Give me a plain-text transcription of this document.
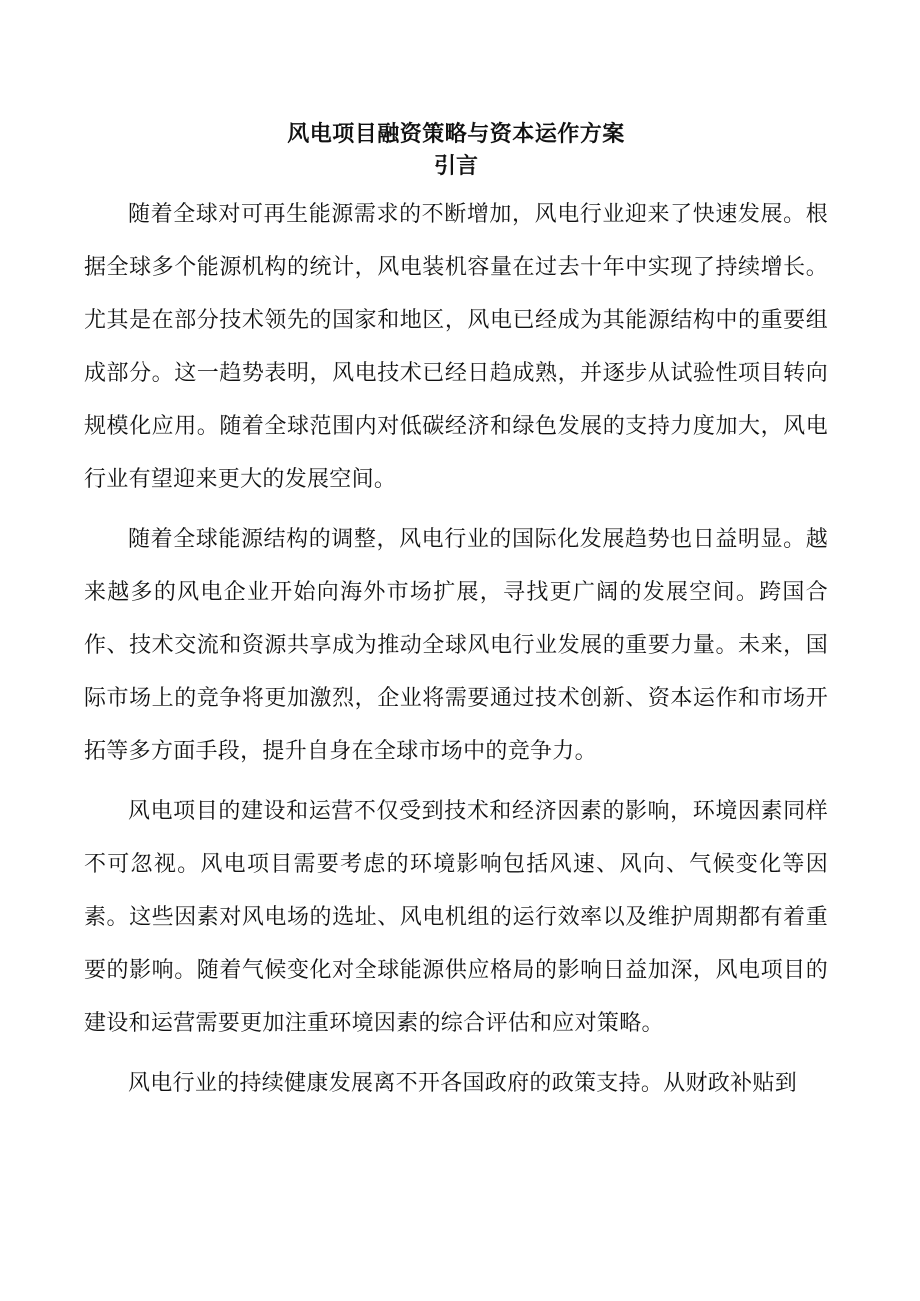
风电项目融资策略与资本运作方案
引言

随着全球对可再生能源需求的不断增加，风电行业迎来了快速发展。根据全球多个能源机构的统计，风电装机容量在过去十年中实现了持续增长。尤其是在部分技术领先的国家和地区，风电已经成为其能源结构中的重要组成部分。这一趋势表明，风电技术已经日趋成熟，并逐步从试验性项目转向规模化应用。随着全球范围内对低碳经济和绿色发展的支持力度加大，风电行业有望迎来更大的发展空间。

随着全球能源结构的调整，风电行业的国际化发展趋势也日益明显。越来越多的风电企业开始向海外市场扩展，寻找更广阔的发展空间。跨国合作、技术交流和资源共享成为推动全球风电行业发展的重要力量。未来，国际市场上的竞争将更加激烈，企业将需要通过技术创新、资本运作和市场开拓等多方面手段，提升自身在全球市场中的竞争力。

风电项目的建设和运营不仅受到技术和经济因素的影响，环境因素同样不可忽视。风电项目需要考虑的环境影响包括风速、风向、气候变化等因素。这些因素对风电场的选址、风电机组的运行效率以及维护周期都有着重要的影响。随着气候变化对全球能源供应格局的影响日益加深，风电项目的建设和运营需要更加注重环境因素的综合评估和应对策略。

风电行业的持续健康发展离不开各国政府的政策支持。从财政补贴到
